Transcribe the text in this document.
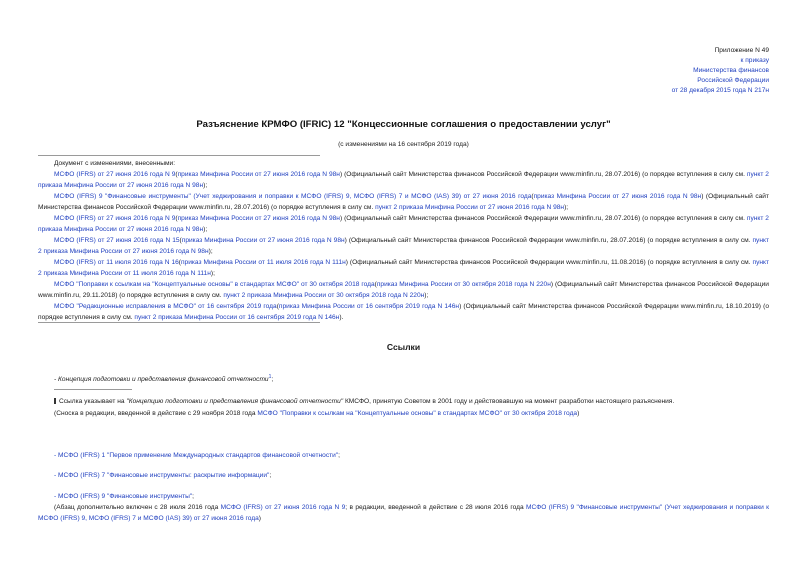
Приложение N 49
к приказу
Министерства финансов
Российской Федерации
от 28 декабря 2015 года N 217н
Разъяснение КРМФО (IFRIC) 12 "Концессионные соглашения о предоставлении услуг"
(с изменениями на 16 сентября 2019 года)
Документ с изменениями, внесенными:
МСФО (IFRS) от 27 июня 2016 года N 9(приказ Минфина России от 27 июня 2016 года N 98н) (Официальный сайт Министерства финансов Российской Федерации www.minfin.ru, 28.07.2016) (о порядке вступления в силу см. пункт 2 приказа Минфина России от 27 июня 2016 года N 98н);
МСФО (IFRS) 9 "Финансовые инструменты" (Учет хеджирования и поправки к МСФО (IFRS) 9, МСФО (IFRS) 7 и МСФО (IAS) 39) от 27 июня 2016 года(приказ Минфина России от 27 июня 2016 года N 98н) (Официальный сайт Министерства финансов Российской Федерации www.minfin.ru, 28.07.2016) (о порядке вступления в силу см. пункт 2 приказа Минфина России от 27 июня 2016 года N 98н);
МСФО (IFRS) от 27 июня 2016 года N 9(приказ Минфина России от 27 июня 2016 года N 98н) (Официальный сайт Министерства финансов Российской Федерации www.minfin.ru, 28.07.2016) (о порядке вступления в силу см. пункт 2 приказа Минфина России от 27 июня 2016 года N 98н);
МСФО (IFRS) от 27 июня 2016 года N 15(приказ Минфина России от 27 июня 2016 года N 98н) (Официальный сайт Министерства финансов Российской Федерации www.minfin.ru, 28.07.2016) (о порядке вступления в силу см. пункт 2 приказа Минфина России от 27 июня 2016 года N 98н);
МСФО (IFRS) от 11 июля 2016 года N 16(приказ Минфина России от 11 июля 2016 года N 111н) (Официальный сайт Министерства финансов Российской Федерации www.minfin.ru, 11.08.2016) (о порядке вступления в силу см. пункт 2 приказа Минфина России от 11 июля 2016 года N 111н);
МСФО "Поправки к ссылкам на "Концептуальные основы" в стандартах МСФО" от 30 октября 2018 года(приказ Минфина России от 30 октября 2018 года N 220н) (Официальный сайт Министерства финансов Российской Федерации www.minfin.ru, 29.11.2018) (о порядке вступления в силу см. пункт 2 приказа Минфина России от 30 октября 2018 года N 220н);
МСФО "Редакционные исправления в МСФО" от 16 сентября 2019 года(приказ Минфина России от 16 сентября 2019 года N 146н) (Официальный сайт Министерства финансов Российской Федерации www.minfin.ru, 18.10.2019) (о порядке вступления в силу см. пункт 2 приказа Минфина России от 16 сентября 2019 года N 146н).
Ссылки
- Концепция подготовки и представления финансовой отчетности$^1$;
Ссылка указывает на "Концепцию подготовки и представления финансовой отчетности" КМСФО, принятую Советом в 2001 году и действовавшую на момент разработки настоящего разъяснения.
(Сноска в редакции, введенной в действие с 29 ноября 2018 года МСФО "Поправки к ссылкам на "Концептуальные основы" в стандартах МСФО" от 30 октября 2018 года)
- МСФО (IFRS) 1 "Первое применение Международных стандартов финансовой отчетности";
- МСФО (IFRS) 7 "Финансовые инструменты: раскрытие информации";
- МСФО (IFRS) 9 "Финансовые инструменты";
(Абзац дополнительно включен с 28 июля 2016 года МСФО (IFRS) от 27 июня 2016 года N 9; в редакции, введенной в действие с 28 июля 2016 года МСФО (IFRS) 9 "Финансовые инструменты" (Учет хеджирования и поправки к МСФО (IFRS) 9, МСФО (IFRS) 7 и МСФО (IAS) 39) от 27 июня 2016 года)
